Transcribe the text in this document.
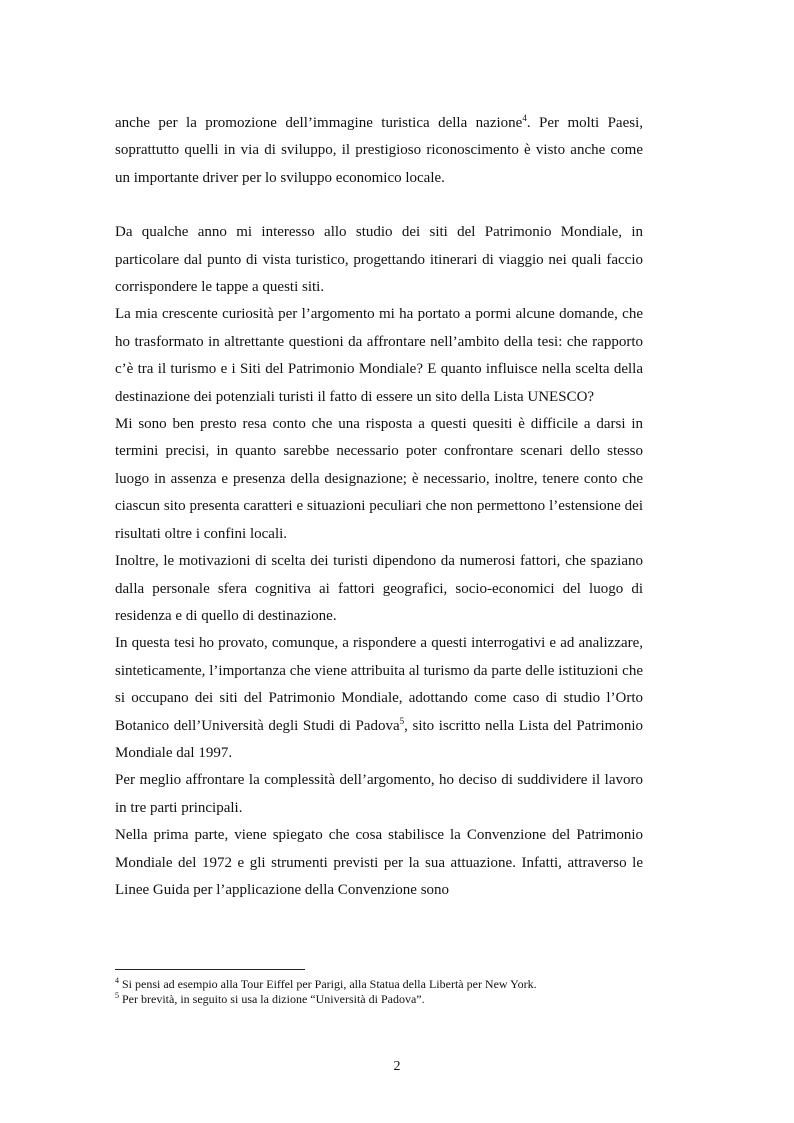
anche per la promozione dell’immagine turistica della nazione$^4$. Per molti Paesi, soprattutto quelli in via di sviluppo, il prestigioso riconoscimento è visto anche come un importante driver per lo sviluppo economico locale.

Da qualche anno mi interesso allo studio dei siti del Patrimonio Mondiale, in particolare dal punto di vista turistico, progettando itinerari di viaggio nei quali faccio corrispondere le tappe a questi siti.

La mia crescente curiosità per l’argomento mi ha portato a pormi alcune domande, che ho trasformato in altrettante questioni da affrontare nell’ambito della tesi: che rapporto c’è tra il turismo e i Siti del Patrimonio Mondiale? E quanto influisce nella scelta della destinazione dei potenziali turisti il fatto di essere un sito della Lista UNESCO?

Mi sono ben presto resa conto che una risposta a questi quesiti è difficile a darsi in termini precisi, in quanto sarebbe necessario poter confrontare scenari dello stesso luogo in assenza e presenza della designazione; è necessario, inoltre, tenere conto che ciascun sito presenta caratteri e situazioni peculiari che non permettono l’estensione dei risultati oltre i confini locali.

Inoltre, le motivazioni di scelta dei turisti dipendono da numerosi fattori, che spaziano dalla personale sfera cognitiva ai fattori geografici, socio-economici del luogo di residenza e di quello di destinazione.

In questa tesi ho provato, comunque, a rispondere a questi interrogativi e ad analizzare, sinteticamente, l’importanza che viene attribuita al turismo da parte delle istituzioni che si occupano dei siti del Patrimonio Mondiale, adottando come caso di studio l’Orto Botanico dell’Università degli Studi di Padova$^5$, sito iscritto nella Lista del Patrimonio Mondiale dal 1997.

Per meglio affrontare la complessità dell’argomento, ho deciso di suddividere il lavoro in tre parti principali.

Nella prima parte, viene spiegato che cosa stabilisce la Convenzione del Patrimonio Mondiale del 1972 e gli strumenti previsti per la sua attuazione. Infatti, attraverso le Linee Guida per l’applicazione della Convenzione sono

$^4$ Si pensi ad esempio alla Tour Eiffel per Parigi, alla Statua della Libertà per New York.

$^5$ Per brevità, in seguito si usa la dizione “Università di Padova”.

2
